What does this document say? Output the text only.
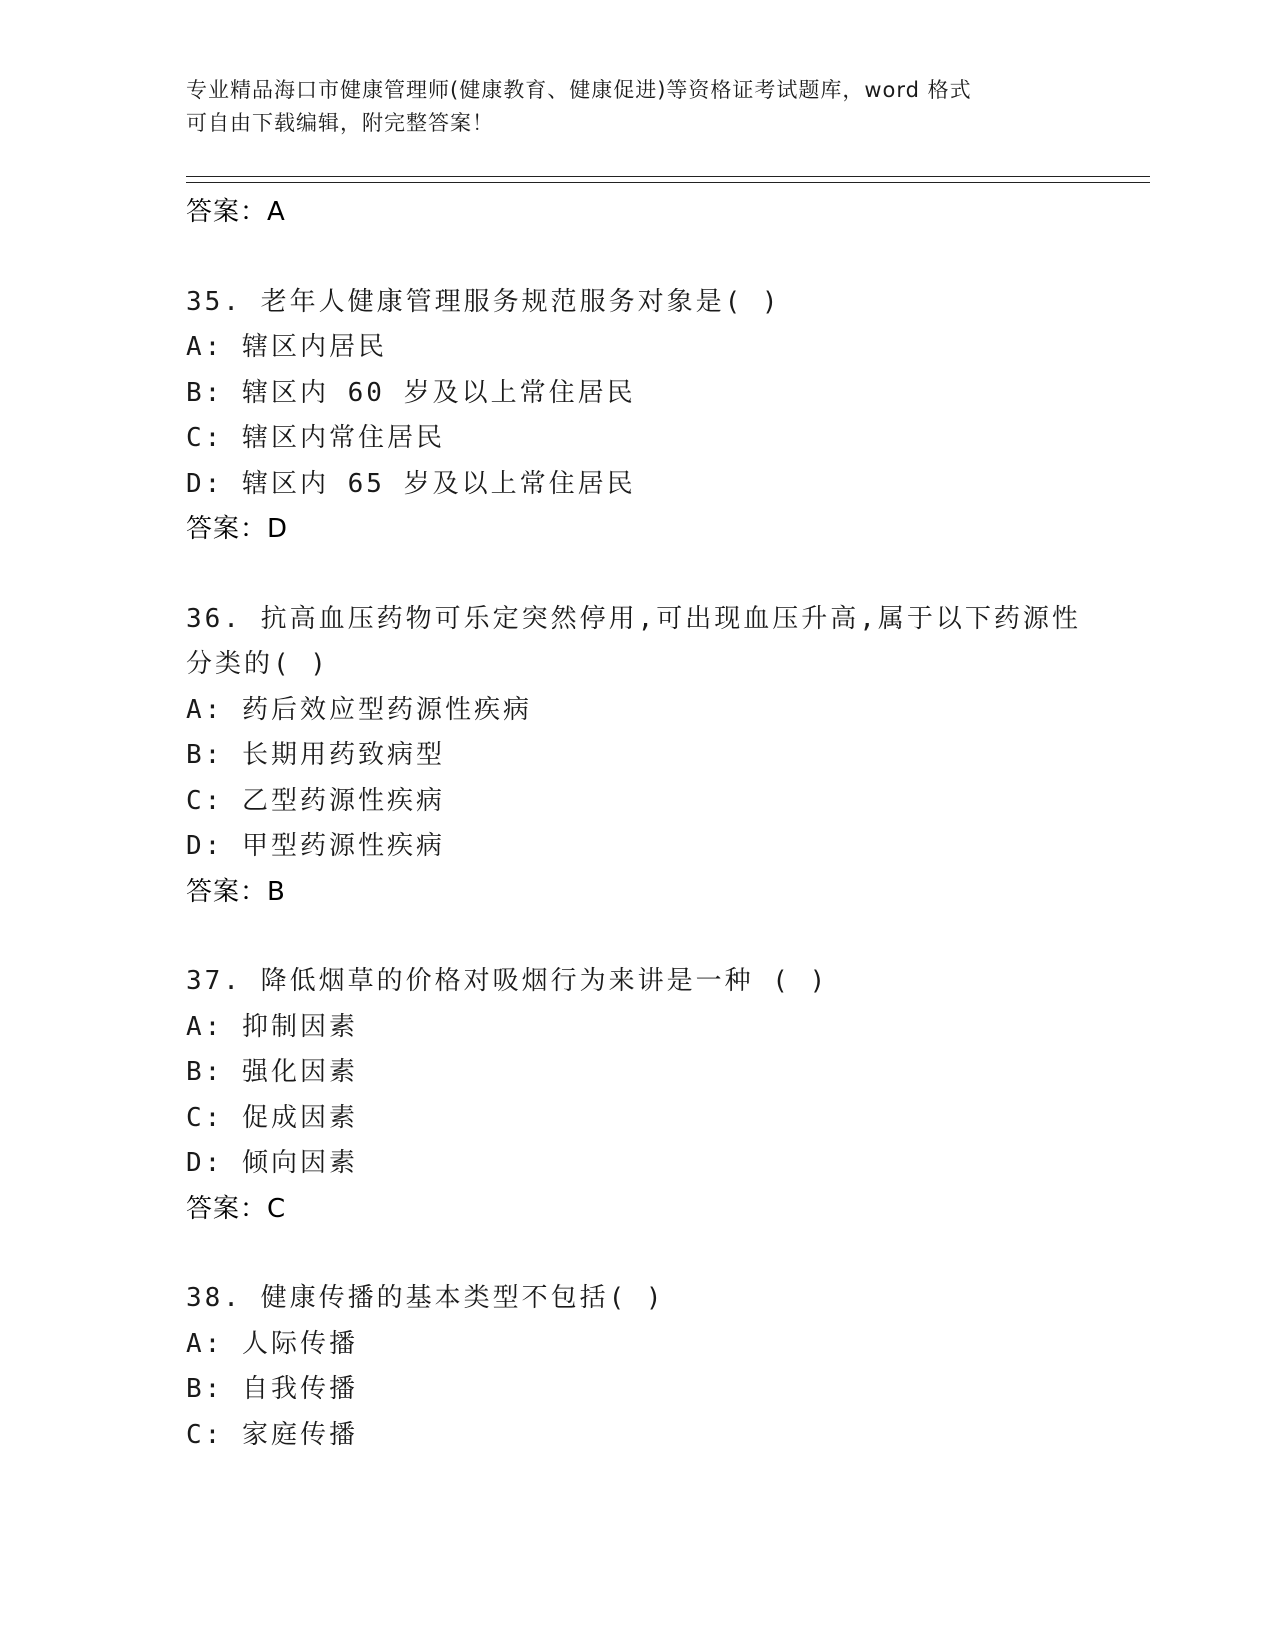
专业精品海口市健康管理师(健康教育、健康促进)等资格证考试题库，word 格式
可自由下载编辑，附完整答案！
答案：A
35. 老年人健康管理服务规范服务对象是( )
A: 辖区内居民
B: 辖区内 60 岁及以上常住居民
C: 辖区内常住居民
D: 辖区内 65 岁及以上常住居民
答案：D
36. 抗高血压药物可乐定突然停用,可出现血压升高,属于以下药源性
分类的( )
A: 药后效应型药源性疾病
B: 长期用药致病型
C: 乙型药源性疾病
D: 甲型药源性疾病
答案：B
37. 降低烟草的价格对吸烟行为来讲是一种 ( )
A: 抑制因素
B: 强化因素
C: 促成因素
D: 倾向因素
答案：C
38. 健康传播的基本类型不包括( )
A: 人际传播
B: 自我传播
C: 家庭传播
